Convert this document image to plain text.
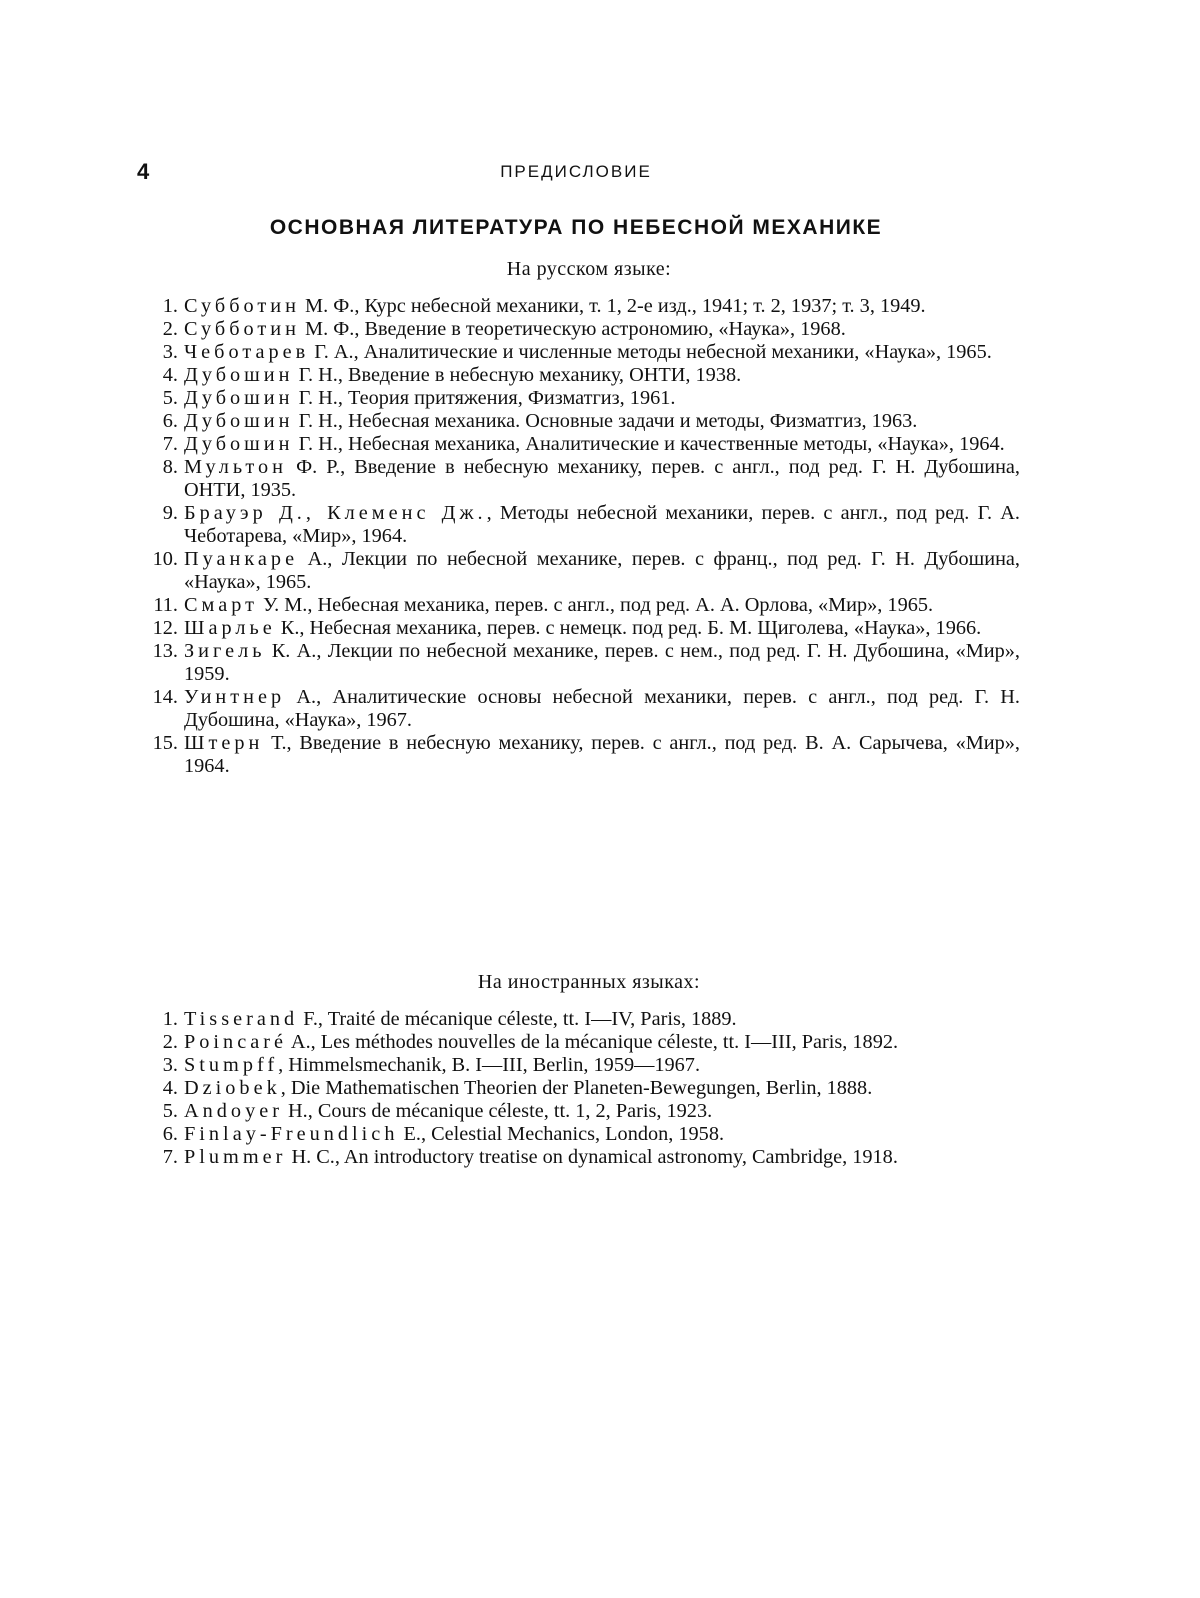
4	ПРЕДИСЛОВИЕ
ОСНОВНАЯ ЛИТЕРАТУРА ПО НЕБЕСНОЙ МЕХАНИКЕ
На русском языке:
1. Субботин М. Ф., Курс небесной механики, т. 1, 2-е изд., 1941; т. 2, 1937; т. 3, 1949.
2. Субботин М. Ф., Введение в теоретическую астрономию, «Наука», 1968.
3. Чеботарев Г. А., Аналитические и численные методы небесной механики, «Наука», 1965.
4. Дубошин Г. Н., Введение в небесную механику, ОНТИ, 1938.
5. Дубошин Г. Н., Теория притяжения, Физматгиз, 1961.
6. Дубошин Г. Н., Небесная механика. Основные задачи и методы, Физматгиз, 1963.
7. Дубошин Г. Н., Небесная механика, Аналитические и качественные методы, «Наука», 1964.
8. Мультон Ф. Р., Введение в небесную механику, перев. с англ., под ред. Г. Н. Дубошина, ОНТИ, 1935.
9. Брауэр Д., Клеменс Дж., Методы небесной механики, перев. с англ., под ред. Г. А. Чеботарева, «Мир», 1964.
10. Пуанкаре А., Лекции по небесной механике, перев. с франц., под ред. Г. Н. Дубошина, «Наука», 1965.
11. Смарт У. М., Небесная механика, перев. с англ., под ред. А. А. Орлова, «Мир», 1965.
12. Шарлье К., Небесная механика, перев. с немецк. под ред. Б. М. Щиголева, «Наука», 1966.
13. Зигель К. А., Лекции по небесной механике, перев. с нем., под ред. Г. Н. Дубошина, «Мир», 1959.
14. Уинтнер А., Аналитические основы небесной механики, перев. с англ., под ред. Г. Н. Дубошина, «Наука», 1967.
15. Штерн Т., Введение в небесную механику, перев. с англ., под ред. В. А. Сарычева, «Мир», 1964.
На иностранных языках:
1. Tisserand F., Traité de mécanique céleste, tt. I—IV, Paris, 1889.
2. Poincaré A., Les méthodes nouvelles de la mécanique céleste, tt. I—III, Paris, 1892.
3. Stumpff, Himmelsmechanik, B. I—III, Berlin, 1959—1967.
4. Dziobek, Die Mathematischen Theorien der Planeten-Bewegungen, Berlin, 1888.
5. Andoyer H., Cours de mécanique céleste, tt. 1, 2, Paris, 1923.
6. Finlay-Freundlich E., Celestial Mechanics, London, 1958.
7. Plummer H. C., An introductory treatise on dynamical astronomy, Cambridge, 1918.
